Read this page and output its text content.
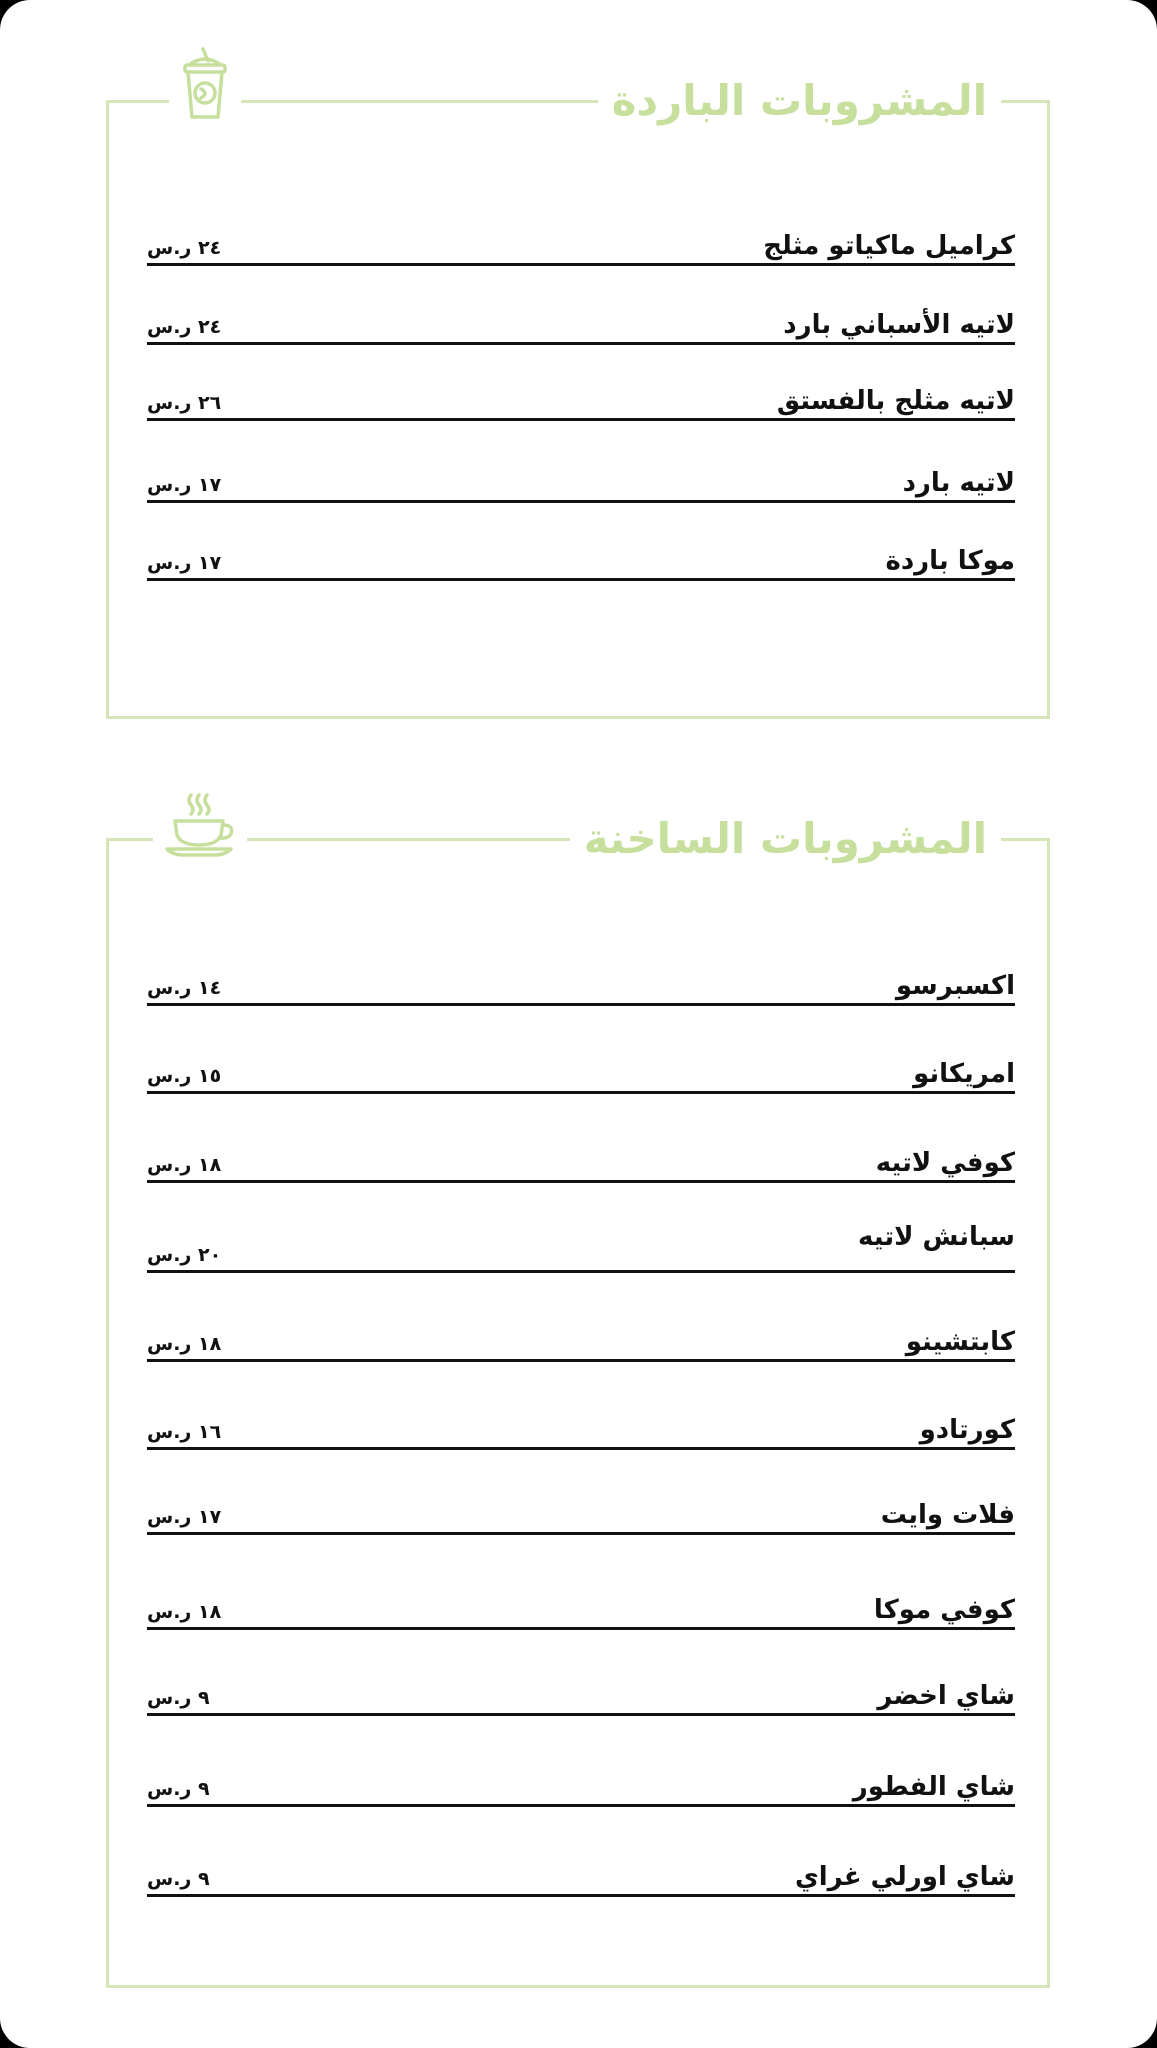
المشروبات الباردة
كراميل ماكياتو مثلج
٢٤ ر.س
لاتيه الأسباني بارد
٢٤ ر.س
لاتيه مثلج بالفستق
٢٦ ر.س
لاتيه بارد
١٧ ر.س
موكا باردة
١٧ ر.س
المشروبات الساخنة
اكسبرسو
١٤ ر.س
امريكانو
١٥ ر.س
كوفي لاتيه
١٨ ر.س
سبانش لاتيه
٢٠ ر.س
كابتشينو
١٨ ر.س
كورتادو
١٦ ر.س
فلات وايت
١٧ ر.س
كوفي موكا
١٨ ر.س
شاي اخضر
٩ ر.س
شاي الفطور
٩ ر.س
شاي اورلي غراي
٩ ر.س
